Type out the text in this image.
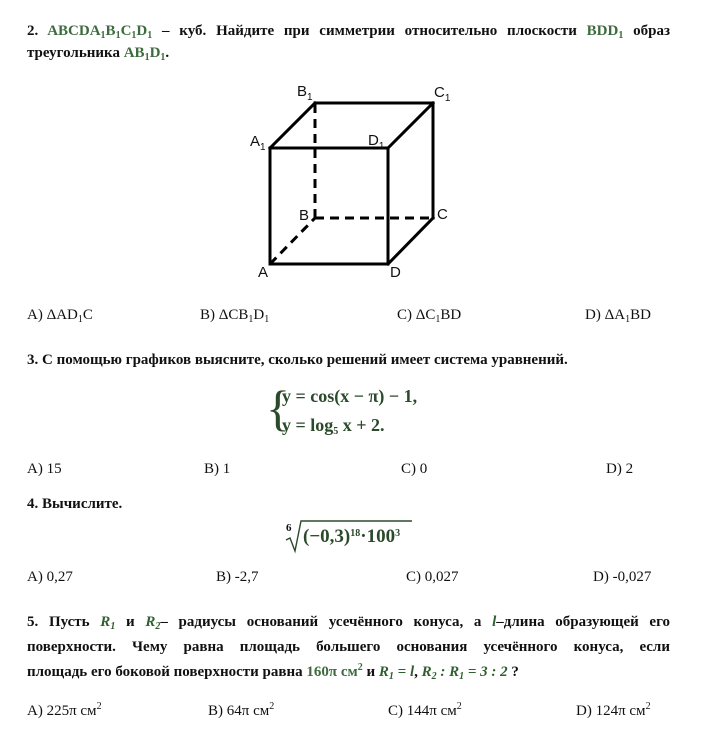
2. $ABCDA_1B_1C_1D_1$ – куб. Найдите при симметрии относительно плоскости $BDD_1$ образ
треугольника $AB_1D_1$.
A	D
B	C
$A_1$	$D_1$
$B_1$	$C_1$
A) $\Delta AD_1C$	B) $\Delta CB_1D_1$	C) $\Delta C_1BD$	D) $\Delta A_1BD$
3. С помощью графиков выясните, сколько решений имеет система уравнений.
{
y = cos(x − π) − 1,
$y = \log_5 x + 2$.
A) 15	B) 1	C) 0	D) 2
4. Вычислите.
6 $(-0,3)^{18}\cdot 100^3$
A) 0,27	B) -2,7	C) 0,027	D) -0,027
5. Пусть $R_1$ и $R_2-$ радиусы оснований усечённого конуса, а l–длина образующей его
поверхности. Чему равна площадь большего основания усечённого конуса, если
площадь его боковой поверхности равна 160π $см^2$ и $R_1 = l$, $R_2$ : $R_1 = 3$ : 2 ?
A) 225π $см^2$	B) 64π $см^2$	C) 144π $см^2$	D) 124π $см^2$
